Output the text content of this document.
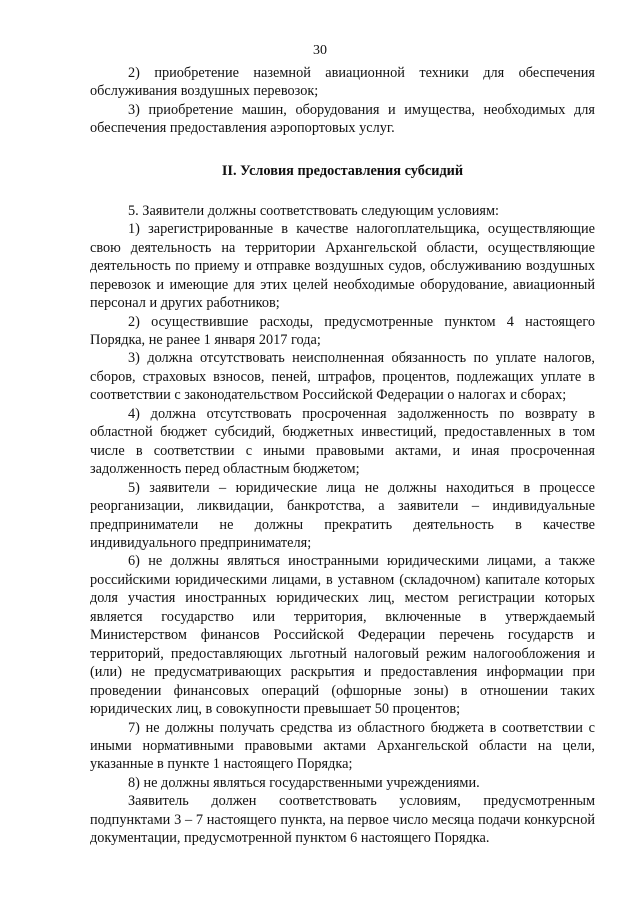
30

2) приобретение наземной авиационной техники для обеспечения обслуживания воздушных перевозок;

3) приобретение машин, оборудования и имущества, необходимых для обеспечения предоставления аэропортовых услуг.

II. Условия предоставления субсидий

5. Заявители должны соответствовать следующим условиям:

1) зарегистрированные в качестве налогоплательщика, осуществляющие свою деятельность на территории Архангельской области, осуществляющие деятельность по приему и отправке воздушных судов, обслуживанию воздушных перевозок и имеющие для этих целей необходимые оборудование, авиационный персонал и других работников;

2) осуществившие расходы, предусмотренные пунктом 4 настоящего Порядка, не ранее 1 января 2017 года;

3) должна отсутствовать неисполненная обязанность по уплате налогов, сборов, страховых взносов, пеней, штрафов, процентов, подлежащих уплате в соответствии с законодательством Российской Федерации о налогах и сборах;

4) должна отсутствовать просроченная задолженность по возврату в областной бюджет субсидий, бюджетных инвестиций, предоставленных в том числе в соответствии с иными правовыми актами, и иная просроченная задолженность перед областным бюджетом;

5) заявители – юридические лица не должны находиться в процессе реорганизации, ликвидации, банкротства, а заявители – индивидуальные предприниматели не должны прекратить деятельность в качестве индивидуального предпринимателя;

6) не должны являться иностранными юридическими лицами, а также российскими юридическими лицами, в уставном (складочном) капитале которых доля участия иностранных юридических лиц, местом регистрации которых является государство или территория, включенные в утверждаемый Министерством финансов Российской Федерации перечень государств и территорий, предоставляющих льготный налоговый режим налогообложения и (или) не предусматривающих раскрытия и предоставления информации при проведении финансовых операций (офшорные зоны) в отношении таких юридических лиц, в совокупности превышает 50 процентов;

7) не должны получать средства из областного бюджета в соответствии с иными нормативными правовыми актами Архангельской области на цели, указанные в пункте 1 настоящего Порядка;

8) не должны являться государственными учреждениями.

Заявитель должен соответствовать условиям, предусмотренным подпунктами 3 – 7 настоящего пункта, на первое число месяца подачи конкурсной документации, предусмотренной пунктом 6 настоящего Порядка.
